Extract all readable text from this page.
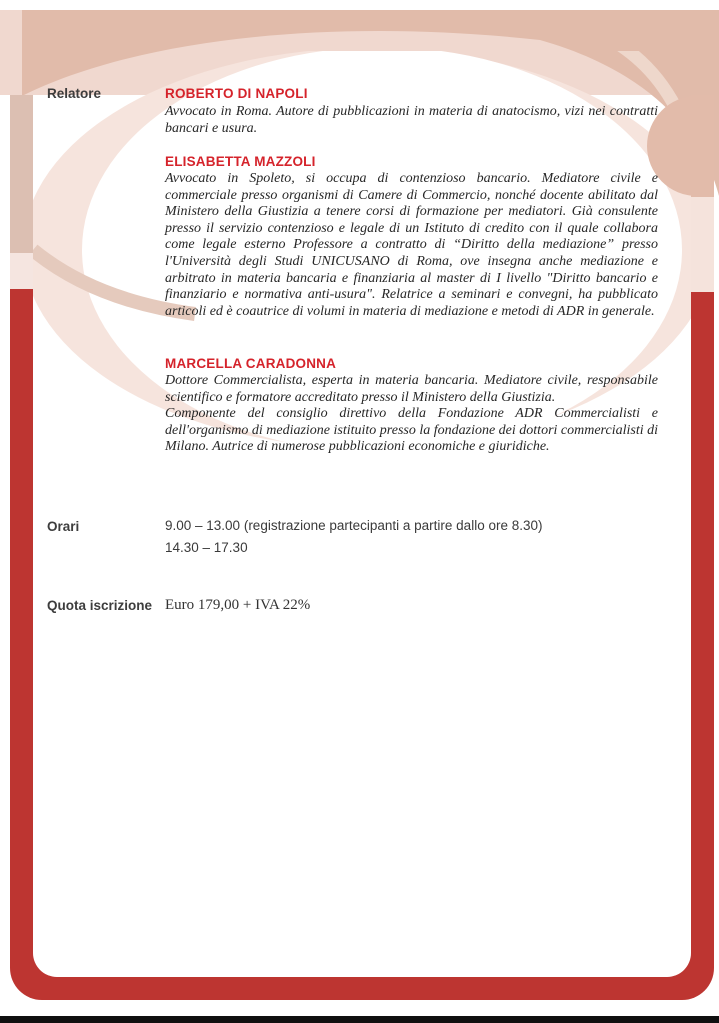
Relatore	ROBERTO DI NAPOLI
Avvocato in Roma. Autore di pubblicazioni in materia di anatocismo, vizi nei contratti bancari e usura.
ELISABETTA MAZZOLI
Avvocato in Spoleto, si occupa di contenzioso bancario. Mediatore civile e commerciale presso organismi di Camere di Commercio, nonché docente abilitato dal Ministero della Giustizia a tenere corsi di formazione per mediatori. Già consulente presso il servizio contenzioso e legale di un Istituto di credito con il quale collabora come legale esterno Professore a contratto di “Diritto della mediazione” presso l'Università degli Studi UNICUSANO di Roma, ove insegna anche mediazione e arbitrato in materia bancaria e finanziaria al master di I livello "Diritto bancario e finanziario e normativa anti-usura". Relatrice a seminari e convegni, ha pubblicato articoli ed è coautrice di volumi in materia di mediazione e metodi di ADR in generale.
MARCELLA CARADONNA
Dottore Commercialista, esperta in materia bancaria. Mediatore civile, responsabile scientifico e formatore accreditato presso il Ministero della Giustizia.
Componente del consiglio direttivo della Fondazione ADR Commercialisti e dell'organismo di mediazione istituito presso la fondazione dei dottori commercialisti di Milano. Autrice di numerose pubblicazioni economiche e giuridiche.
Orari	9.00 – 13.00 (registrazione partecipanti a partire dallo ore 8.30)
14.30 – 17.30
Quota iscrizione Euro 179,00 + IVA 22%
